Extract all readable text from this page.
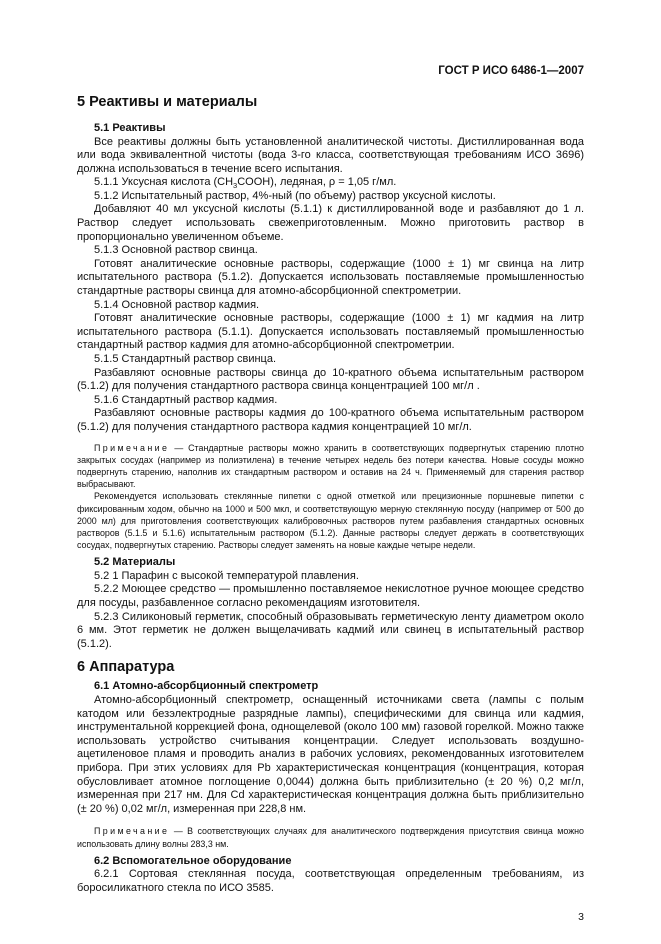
ГОСТ Р ИСО 6486-1—2007
5 Реактивы и материалы
5.1 Реактивы

Все реактивы должны быть установленной аналитической чистоты. Дистиллированная вода или вода эквивалентной чистоты (вода 3-го класса, соответствующая требованиям ИСО 3696) должна использоваться в течение всего испытания.

5.1.1 Уксусная кислота $(CH_3COOH)$, ледяная, ρ = 1,05 г/мл.

5.1.2 Испытательный раствор, 4%-ный (по объему) раствор уксусной кислоты.

Добавляют 40 мл уксусной кислоты (5.1.1) к дистиллированной воде и разбавляют до 1 л. Раствор следует использовать свежеприготовленным. Можно приготовить раствор в пропорционально увеличенном объеме.

5.1.3 Основной раствор свинца.

Готовят аналитические основные растворы, содержащие (1000 ± 1) мг свинца на литр испытательного раствора (5.1.2). Допускается использовать поставляемые промышленностью стандартные растворы свинца для атомно-абсорбционной спектрометрии.

5.1.4 Основной раствор кадмия.

Готовят аналитические основные растворы, содержащие (1000 ± 1) мг кадмия на литр испытательного раствора (5.1.1). Допускается использовать поставляемый промышленностью стандартный раствор кадмия для атомно-абсорбционной спектрометрии.

5.1.5 Стандартный раствор свинца.

Разбавляют основные растворы свинца до 10-кратного объема испытательным раствором (5.1.2) для получения стандартного раствора свинца концентрацией 100 мг/л .

5.1.6 Стандартный раствор кадмия.

Разбавляют основные растворы кадмия до 100-кратного объема испытательным раствором (5.1.2) для получения стандартного раствора кадмия концентрацией 10 мг/л.

Примечание — Стандартные растворы можно хранить в соответствующих подвергнутых старению плотно закрытых сосудах (например из полиэтилена) в течение четырех недель без потери качества. Новые сосуды можно подвергнуть старению, наполнив их стандартным раствором и оставив на 24 ч. Применяемый для старения раствор выбрасывают.

Рекомендуется использовать стеклянные пипетки с одной отметкой или прецизионные поршневые пипетки с фиксированным ходом, обычно на 1000 и 500 мкл, и соответствующую мерную стеклянную посуду (например от 500 до 2000 мл) для приготовления соответствующих калибровочных растворов путем разбавления стандартных основных растворов (5.1.5 и 5.1.6) испытательным раствором (5.1.2). Данные растворы следует держать в соответствующих сосудах, подвергнутых старению. Растворы следует заменять на новые каждые четыре недели.

5.2 Материалы

5.2 1 Парафин с высокой температурой плавления.

5.2.2 Моющее средство — промышленно поставляемое некислотное ручное моющее средство для посуды, разбавленное согласно рекомендациям изготовителя.

5.2.3 Силиконовый герметик, способный образовывать герметическую ленту диаметром около 6 мм. Этот герметик не должен выщелачивать кадмий или свинец в испытательный раствор (5.1.2).

6 Аппаратура
6.1 Атомно-абсорбционный спектрометр

Атомно-абсорбционный спектрометр, оснащенный источниками света (лампы с полым катодом или безэлектродные разрядные лампы), специфическими для свинца или кадмия, инструментальной коррекцией фона, однощелевой (около 100 мм) газовой горелкой. Можно также использовать устройство считывания концентрации. Следует использовать воздушно-ацетиленовое пламя и проводить анализ в рабочих условиях, рекомендованных изготовителем прибора. При этих условиях для Pb характеристическая концентрация (концентрация, которая обусловливает атомное поглощение 0,0044) должна быть приблизительно (± 20 %) 0,2 мг/л, измеренная при 217 нм. Для Cd характеристическая концентрация должна быть приблизительно (± 20 %) 0,02 мг/л, измеренная при 228,8 нм.

Примечание — В соответствующих случаях для аналитического подтверждения присутствия свинца можно использовать длину волны 283,3 нм.

6.2 Вспомогательное оборудование

6.2.1 Сортовая стеклянная посуда, соответствующая определенным требованиям, из боросиликатного стекла по ИСО 3585.

3
